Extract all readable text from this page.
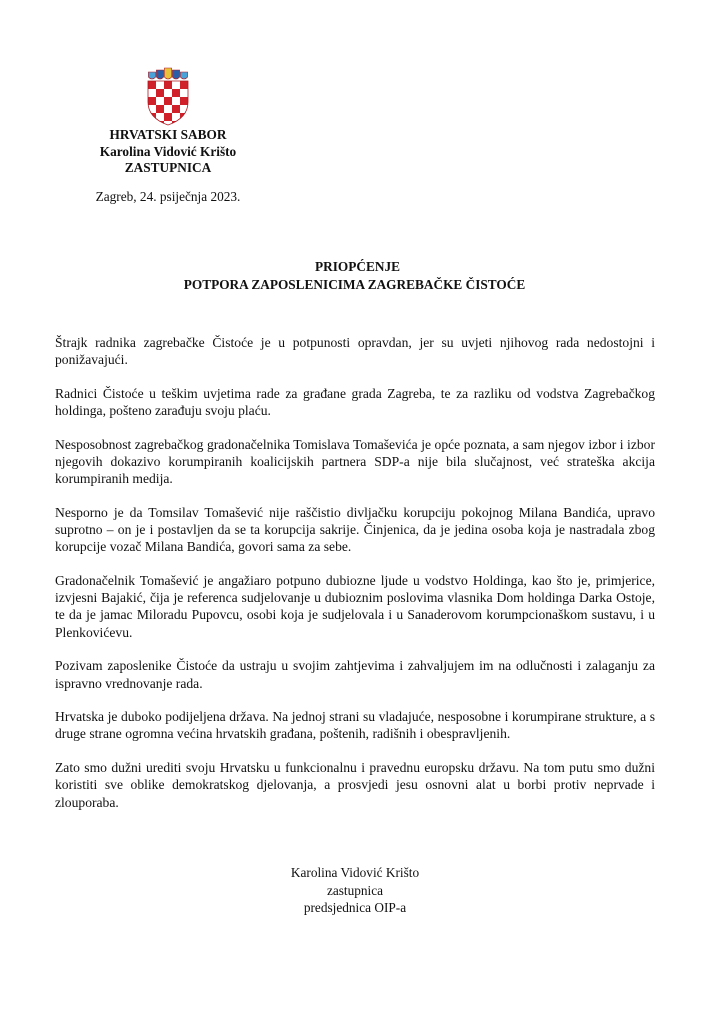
HRVATSKI SABOR
Karolina Vidović Krišto
ZASTUPNICA
Zagreb, 24. psiječnja 2023.
PRIOPĆENJE
POTPORA ZAPOSLENICIMA ZAGREBAČKE ČISTOĆE

Štrajk radnika zagrebačke Čistoće je u potpunosti opravdan, jer su uvjeti njihovog rada nedostojni i ponižavajući.

Radnici Čistoće u teškim uvjetima rade za građane grada Zagreba, te za razliku od vodstva Zagrebačkog holdinga, pošteno zarađuju svoju plaću.

Nesposobnost zagrebačkog gradonačelnika Tomislava Tomaševića je opće poznata, a sam njegov izbor i izbor njegovih dokazivo korumpiranih koalicijskih partnera SDP-a nije bila slučajnost, već strateška akcija korumpiranih medija.

Nesporno je da Tomsilav Tomašević nije raščistio divljačku korupciju pokojnog Milana Bandića, upravo suprotno – on je i postavljen da se ta korupcija sakrije. Činjenica, da je jedina osoba koja je nastradala zbog korupcije vozač Milana Bandića, govori sama za sebe.

Gradonačelnik Tomašević je angažiaro potpuno dubiozne ljude u vodstvo Holdinga, kao što je, primjerice, izvjesni Bajakić, čija je referenca sudjelovanje u dubioznim poslovima vlasnika Dom holdinga Darka Ostoje, te da je jamac Miloradu Pupovcu, osobi koja je sudjelovala i u Sanaderovom korumpcionaškom sustavu, i u Plenkovićevu.

Pozivam zaposlenike Čistoće da ustraju u svojim zahtjevima i zahvaljujem im na odlučnosti i zalaganju za ispravno vrednovanje rada.

Hrvatska je duboko podijeljena država. Na jednoj strani su vladajuće, nesposobne i korumpirane strukture, a s druge strane ogromna većina hrvatskih građana, poštenih, radišnih i obespravljenih.

Zato smo dužni urediti svoju Hrvatsku u funkcionalnu i pravednu europsku državu. Na tom putu smo dužni koristiti sve oblike demokratskog djelovanja, a prosvjedi jesu osnovni alat u borbi protiv neprvade i zlouporaba.

Karolina Vidović Krišto
zastupnica
predsjednica OIP-a
